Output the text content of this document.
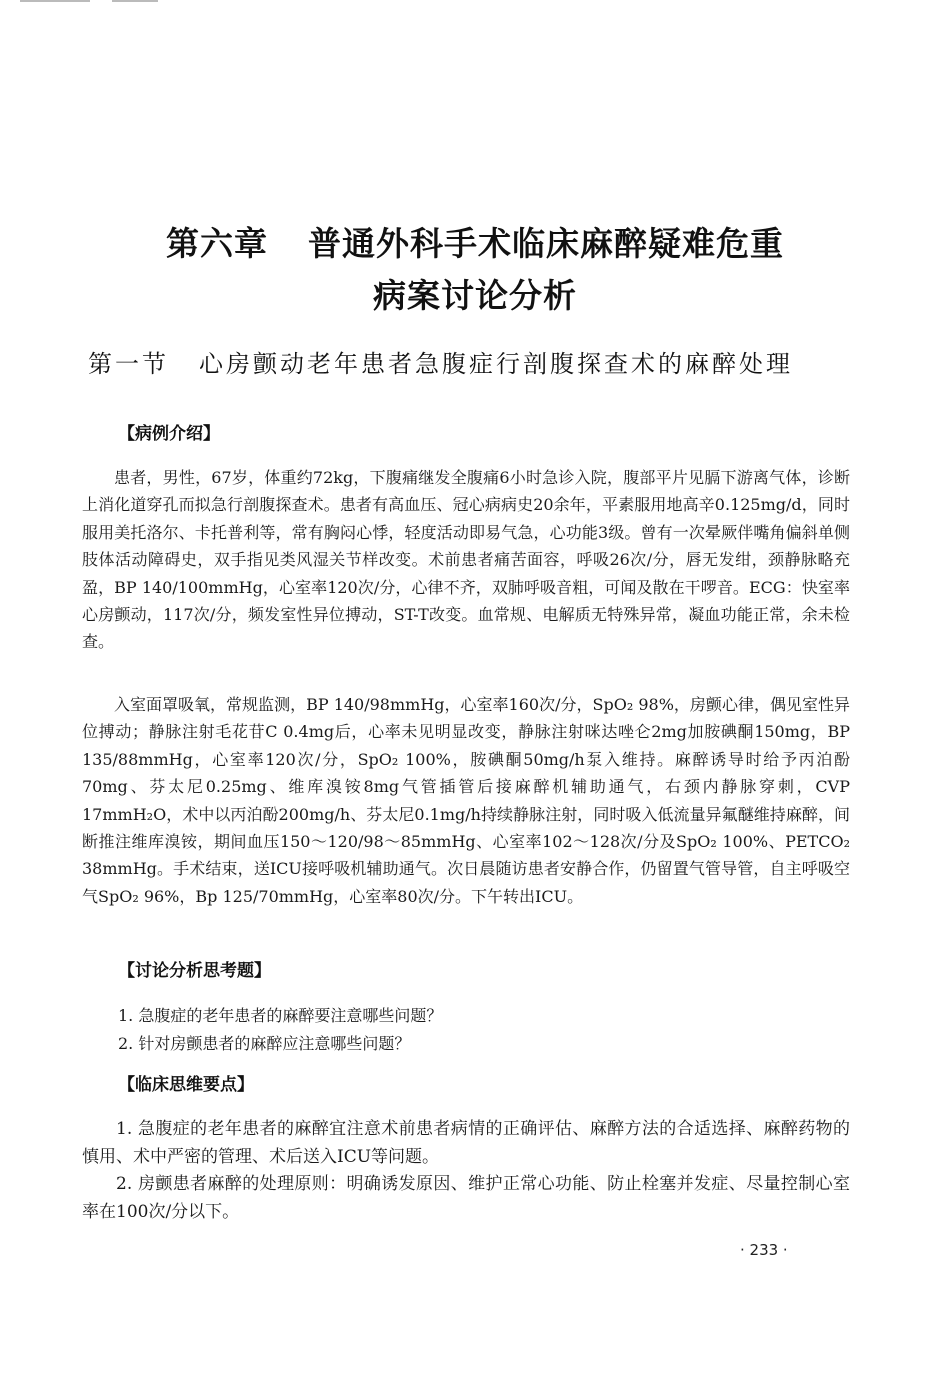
第六章 普通外科手术临床麻醉疑难危重
病案讨论分析
第一节 心房颤动老年患者急腹症行剖腹探查术的麻醉处理
【病例介绍】

患者，男性，67岁，体重约72kg，下腹痛继发全腹痛6小时急诊入院，腹部平片见膈下游离气体，诊断上消化道穿孔而拟急行剖腹探查术。患者有高血压、冠心病病史20余年，平素服用地高辛0.125mg/d，同时服用美托洛尔、卡托普利等，常有胸闷心悸，轻度活动即易气急，心功能3级。曾有一次晕厥伴嘴角偏斜单侧肢体活动障碍史，双手指见类风湿关节样改变。术前患者痛苦面容，呼吸26次/分，唇无发绀，颈静脉略充盈，BP 140/100mmHg，心室率120次/分，心律不齐，双肺呼吸音粗，可闻及散在干啰音。ECG：快室率心房颤动，117次/分，频发室性异位搏动，ST-T改变。血常规、电解质无特殊异常，凝血功能正常，余未检查。

入室面罩吸氧，常规监测，BP 140/98mmHg，心室率160次/分，SpO₂ 98%，房颤心律，偶见室性异位搏动；静脉注射毛花苷C 0.4mg后，心率未见明显改变，静脉注射咪达唑仑2mg加胺碘酮150mg，BP 135/88mmHg，心室率120次/分，SpO₂ 100%，胺碘酮50mg/h泵入维持。麻醉诱导时给予丙泊酚70mg、芬太尼0.25mg、维库溴铵8mg气管插管后接麻醉机辅助通气，右颈内静脉穿刺，CVP 17mmH₂O，术中以丙泊酚200mg/h、芬太尼0.1mg/h持续静脉注射，同时吸入低流量异氟醚维持麻醉，间断推注维库溴铵，期间血压150～120/98～85mmHg、心室率102～128次/分及SpO₂ 100%、PETCO₂ 38mmHg。手术结束，送ICU接呼吸机辅助通气。次日晨随访患者安静合作，仍留置气管导管，自主呼吸空气SpO₂ 96%，Bp 125/70mmHg，心室率80次/分。下午转出ICU。

【讨论分析思考题】

1. 急腹症的老年患者的麻醉要注意哪些问题？

2. 针对房颤患者的麻醉应注意哪些问题？

【临床思维要点】

1. 急腹症的老年患者的麻醉宜注意术前患者病情的正确评估、麻醉方法的合适选择、麻醉药物的慎用、术中严密的管理、术后送入ICU等问题。

2. 房颤患者麻醉的处理原则：明确诱发原因、维护正常心功能、防止栓塞并发症、尽量控制心室率在100次/分以下。

· 233 ·
